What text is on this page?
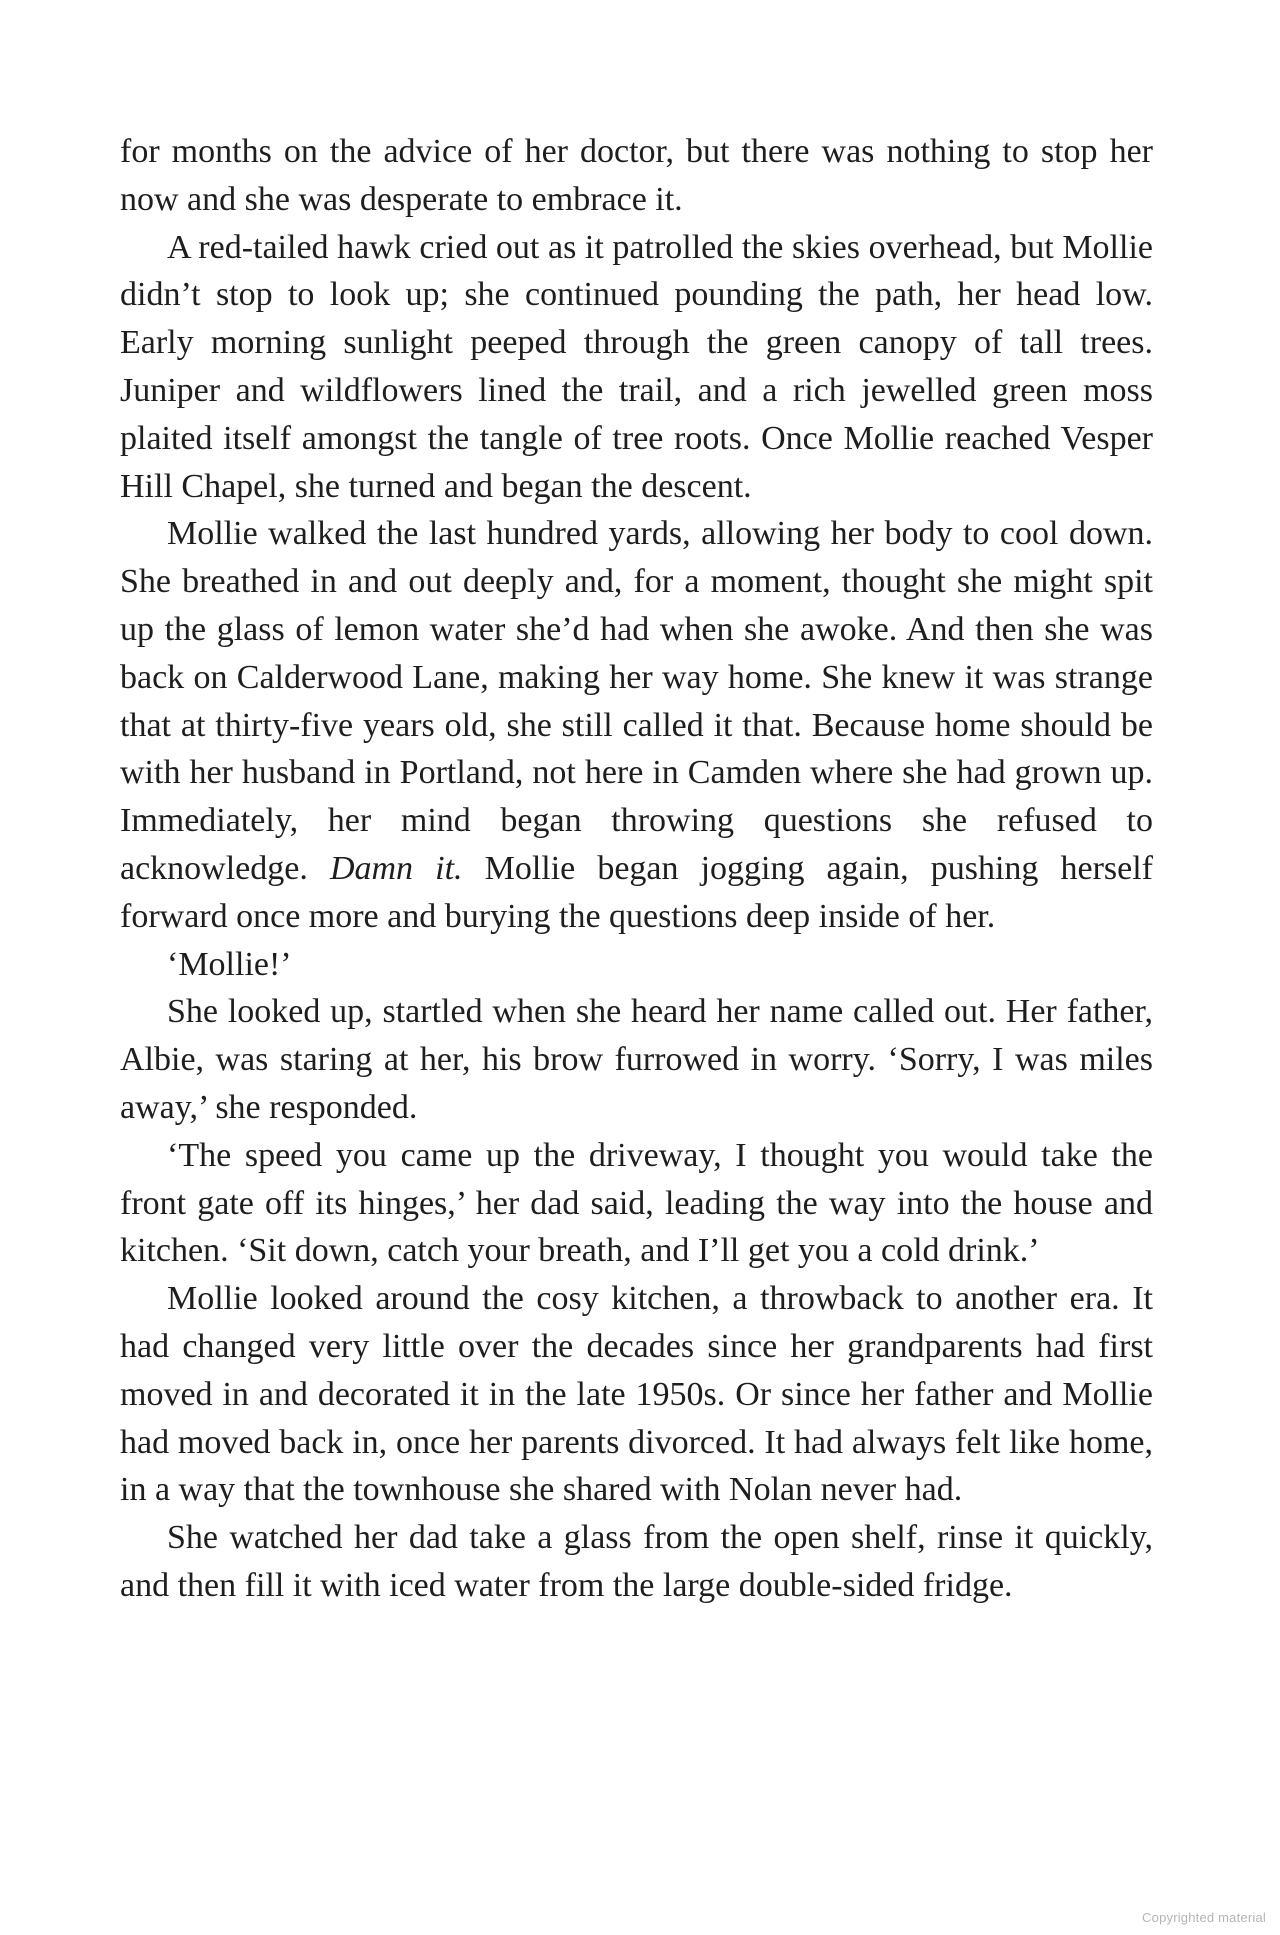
for months on the advice of her doctor, but there was nothing to stop her now and she was desperate to embrace it.

A red-tailed hawk cried out as it patrolled the skies overhead, but Mollie didn’t stop to look up; she continued pounding the path, her head low. Early morning sunlight peeped through the green canopy of tall trees. Juniper and wildflowers lined the trail, and a rich jewelled green moss plaited itself amongst the tangle of tree roots. Once Mollie reached Vesper Hill Chapel, she turned and began the descent.

Mollie walked the last hundred yards, allowing her body to cool down. She breathed in and out deeply and, for a moment, thought she might spit up the glass of lemon water she’d had when she awoke. And then she was back on Calderwood Lane, making her way home. She knew it was strange that at thirty-five years old, she still called it that. Because home should be with her husband in Portland, not here in Camden where she had grown up. Immediately, her mind began throwing questions she refused to acknowledge. Damn it. Mollie began jogging again, pushing herself forward once more and burying the questions deep inside of her.

‘Mollie!’

She looked up, startled when she heard her name called out. Her father, Albie, was staring at her, his brow furrowed in worry. ‘Sorry, I was miles away,’ she responded.

‘The speed you came up the driveway, I thought you would take the front gate off its hinges,’ her dad said, leading the way into the house and kitchen. ‘Sit down, catch your breath, and I’ll get you a cold drink.’

Mollie looked around the cosy kitchen, a throwback to another era. It had changed very little over the decades since her grandparents had first moved in and decorated it in the late 1950s. Or since her father and Mollie had moved back in, once her parents divorced. It had always felt like home, in a way that the townhouse she shared with Nolan never had.

She watched her dad take a glass from the open shelf, rinse it quickly, and then fill it with iced water from the large double-sided fridge.

Copyrighted material
